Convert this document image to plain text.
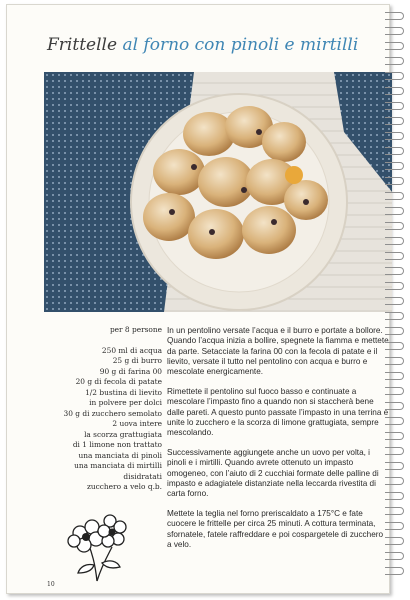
Frittelle al forno con pinoli e mirtilli
per 8 persone
250 ml di acqua
25 g di burro
90 g di farina 00
20 g di fecola di patate
1/2 bustina di lievito
in polvere per dolci
30 g di zucchero semolato
2 uova intere
la scorza grattugiata
di 1 limone non trattato
una manciata di pinoli
una manciata di mirtilli
disidratati
zucchero a velo q.b.

In un pentolino versate l’acqua e il burro e portate a bollore. Quando l’acqua inizia a bollire, spegnete la fiamma e mettete da parte. Setacciate la farina 00 con la fecola di patate e il lievito, versate il tutto nel pentolino con acqua e burro e mescolate energicamente.

Rimettete il pentolino sul fuoco basso e continuate a mescolare l’impasto fino a quando non si staccherà bene dalle pareti. A questo punto passate l’impasto in una terrina e unite lo zucchero e la scorza di limone grattugiata, sempre mescolando.

Successivamente aggiungete anche un uovo per volta, i pinoli e i mirtilli. Quando avrete ottenuto un impasto omogeneo, con l’aiuto di 2 cucchiai formate delle palline di impasto e adagiatele distanziate nella leccarda rivestita di carta forno.

Mettete la teglia nel forno preriscaldato a 175°C e fate cuocere le frittelle per circa 25 minuti. A cottura terminata, sfornatele, fatele raffreddare e poi cospargetele di zucchero a velo.

10
